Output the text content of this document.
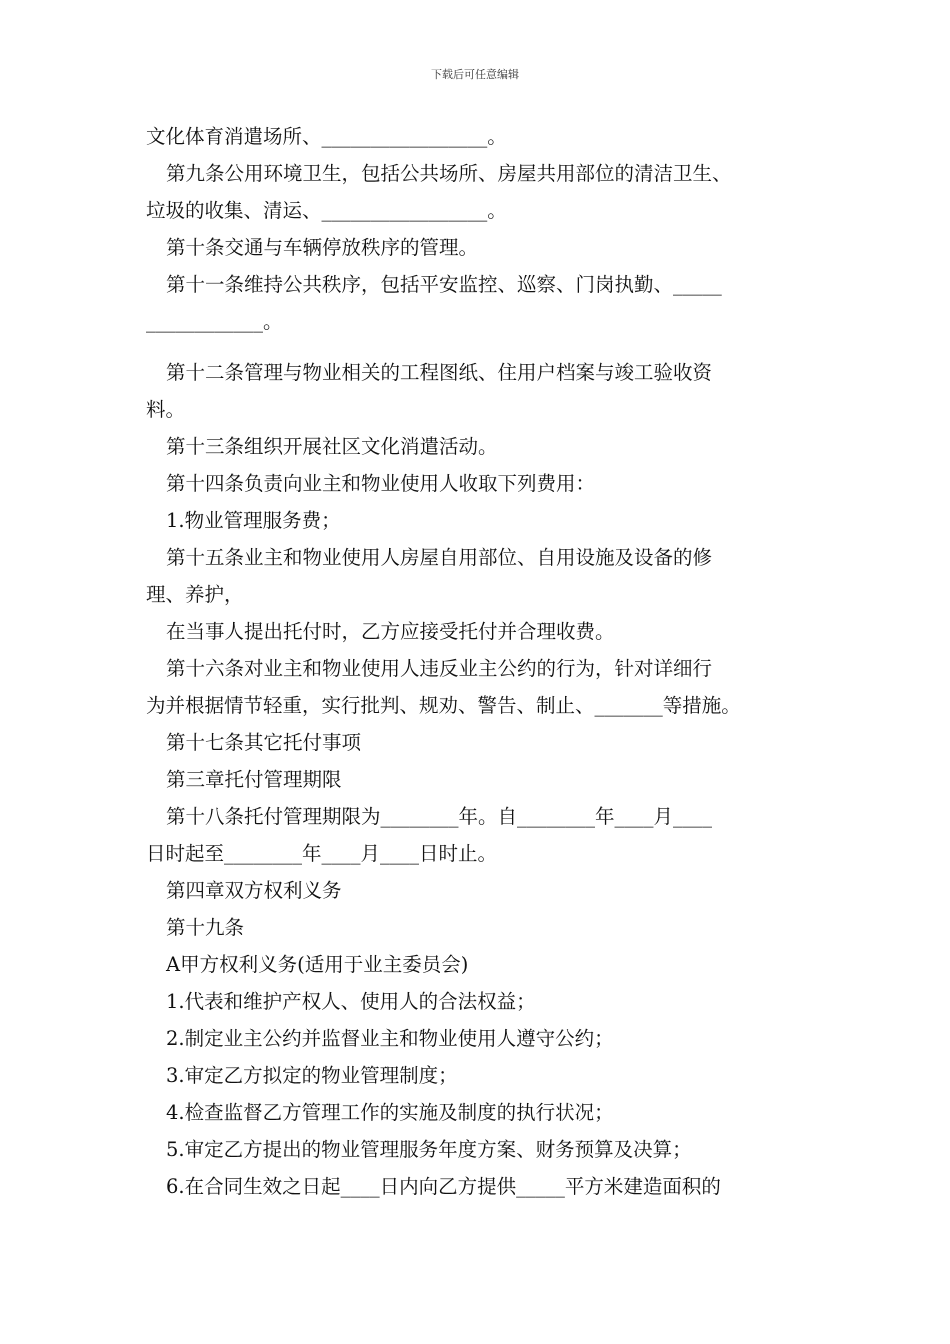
下载后可任意编辑
文化体育消遣场所、_________________。
第九条公用环境卫生，包括公共场所、房屋共用部位的清洁卫生、
垃圾的收集、清运、_________________。
第十条交通与车辆停放秩序的管理。
第十一条维持公共秩序，包括平安监控、巡察、门岗执勤、_____
____________。
第十二条管理与物业相关的工程图纸、住用户档案与竣工验收资
料。
第十三条组织开展社区文化消遣活动。
第十四条负责向业主和物业使用人收取下列费用：
1.物业管理服务费；
第十五条业主和物业使用人房屋自用部位、自用设施及设备的修
理、养护，
在当事人提出托付时，乙方应接受托付并合理收费。
第十六条对业主和物业使用人违反业主公约的行为，针对详细行
为并根据情节轻重，实行批判、规劝、警告、制止、_______等措施。
第十七条其它托付事项
第三章托付管理期限
第十八条托付管理期限为________年。自________年____月____
日时起至________年____月____日时止。
第四章双方权利义务
第十九条
A甲方权利义务(适用于业主委员会)
1.代表和维护产权人、使用人的合法权益；
2.制定业主公约并监督业主和物业使用人遵守公约；
3.审定乙方拟定的物业管理制度；
4.检查监督乙方管理工作的实施及制度的执行状况；
5.审定乙方提出的物业管理服务年度方案、财务预算及决算；
6.在合同生效之日起____日内向乙方提供_____平方米建造面积的
